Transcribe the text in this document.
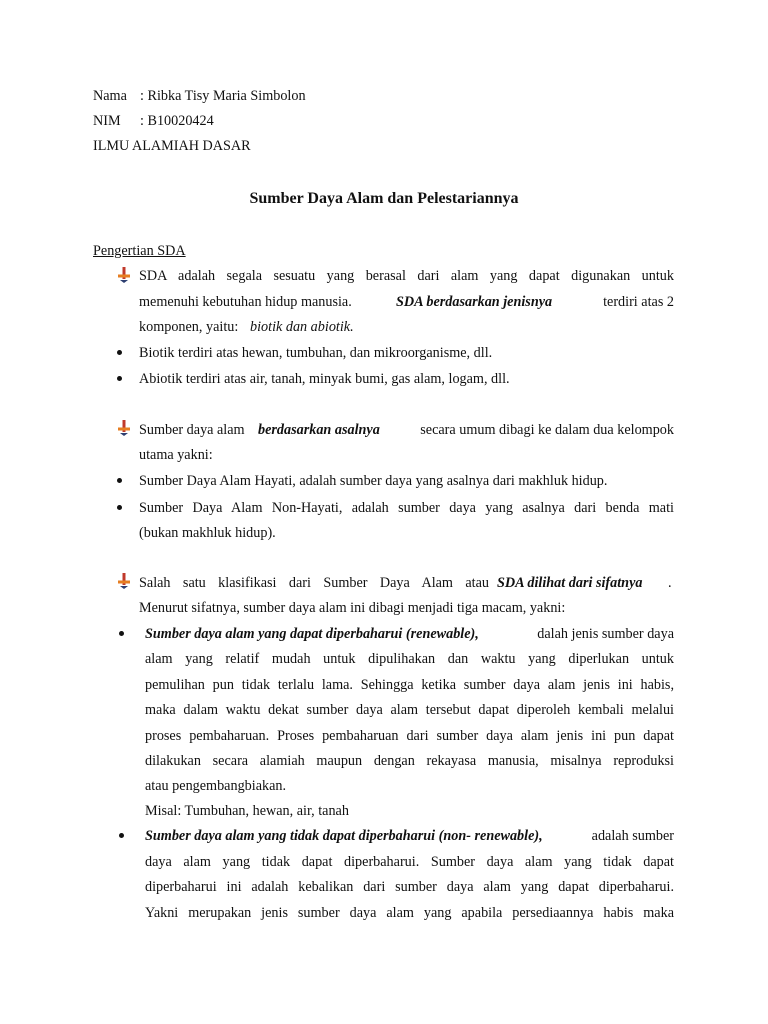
Nama : Ribka Tisy Maria Simbolon
NIM : B10020424
ILMU ALAMIAH DASAR
Sumber Daya Alam dan Pelestariannya
Pengertian SDA
SDA adalah segala sesuatu yang berasal dari alam yang dapat digunakan untuk
memenuhi kebutuhan hidup manusia.	SDA berdasarkan jenisnya	terdiri atas 2
komponen, yaitu: biotik dan abiotik.
Biotik terdiri atas hewan, tumbuhan, dan mikroorganisme, dll.
Abiotik terdiri atas air, tanah, minyak bumi, gas alam, logam, dll.
Sumber daya alam berdasarkan asalnya	secara umum dibagi ke dalam dua kelompok
utama yakni:
Sumber Daya Alam Hayati, adalah sumber daya yang asalnya dari makhluk hidup.
Sumber Daya Alam Non-Hayati, adalah sumber daya yang asalnya dari benda mati
(bukan makhluk hidup).
Salah satu klasifikasi dari Sumber Daya Alam atau SDA dilihat dari sifatnya .
Menurut sifatnya, sumber daya alam ini dibagi menjadi tiga macam, yakni:
Sumber daya alam yang dapat diperbaharui (renewable),	dalah jenis sumber daya
alam yang relatif mudah untuk dipulihakan dan waktu yang diperlukan untuk
pemulihan pun tidak terlalu lama. Sehingga ketika sumber daya alam jenis ini habis,
maka dalam waktu dekat sumber daya alam tersebut dapat diperoleh kembali melalui
proses pembaharuan. Proses pembaharuan dari sumber daya alam jenis ini pun dapat
dilakukan secara alamiah maupun dengan rekayasa manusia, misalnya reproduksi
atau pengembangbiakan.
Misal: Tumbuhan, hewan, air, tanah
Sumber daya alam yang tidak dapat diperbaharui (non- renewable),	adalah sumber
daya alam yang tidak dapat diperbaharui. Sumber daya alam yang tidak dapat
diperbaharui ini adalah kebalikan dari sumber daya alam yang dapat diperbaharui.
Yakni merupakan jenis sumber daya alam yang apabila persediaannya habis maka
